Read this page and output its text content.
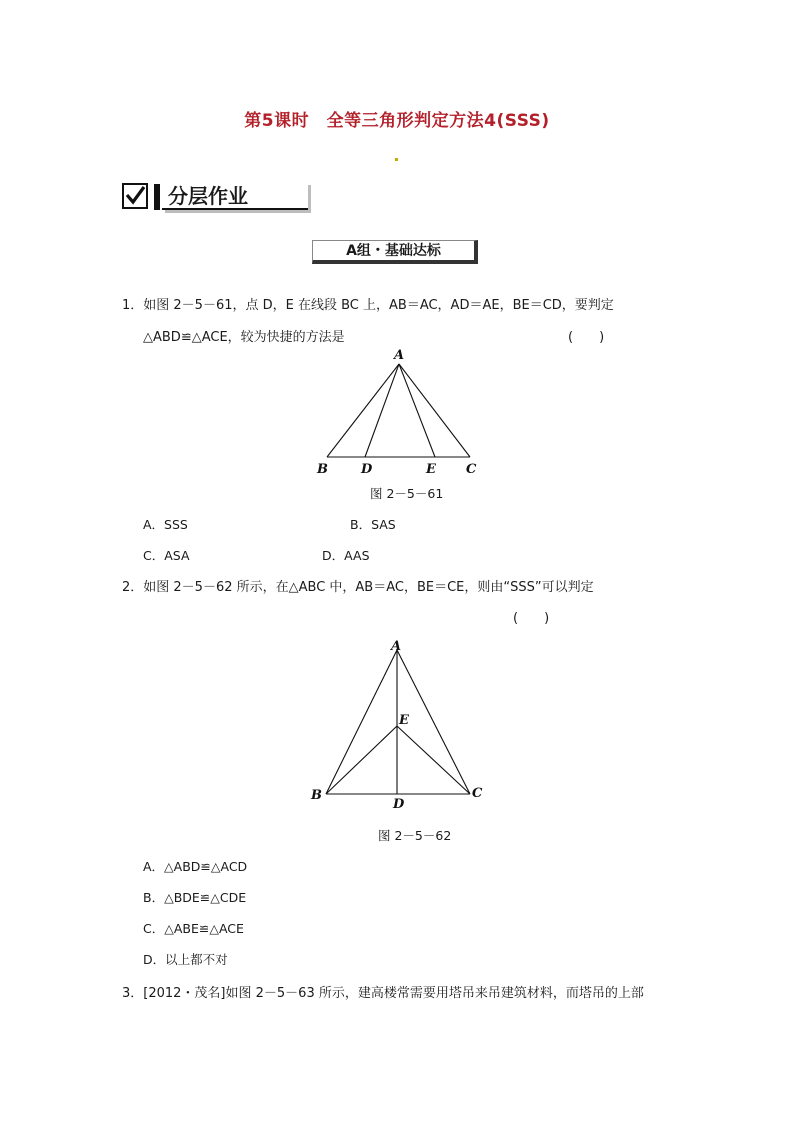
第5课时　全等三角形判定方法4(SSS)
分层作业
A组・基础达标
1．如图 2－5－61，点 D，E 在线段 BC 上，AB＝AC，AD＝AE，BE＝CD，要判定
△ABD≌△ACE，较为快捷的方法是	(　　)
A
B	D	E C
图 2－5－61
A．SSS	B．SAS
C．ASA	D．AAS
2．如图 2－5－62 所示，在△ABC 中，AB＝AC，BE＝CE，则由“SSS”可以判定
(　　)
A
E
B
D
C
图 2－5－62
A．△ABD≌△ACD
B．△BDE≌△CDE
C．△ABE≌△ACE
D．以上都不对
3．[2012・茂名]如图 2－5－63 所示，建高楼常需要用塔吊来吊建筑材料，而塔吊的上部
